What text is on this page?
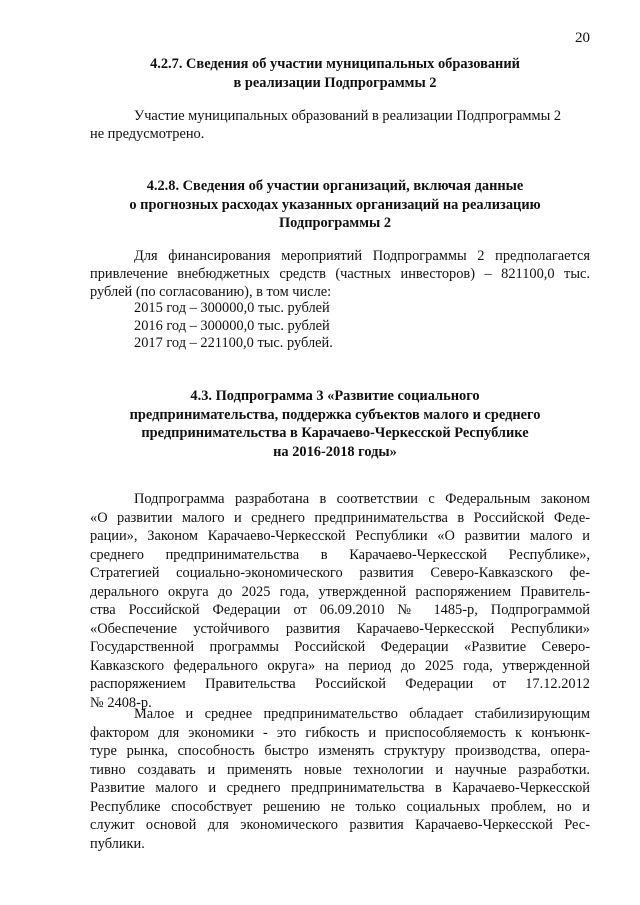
20
4.2.7. Сведения об участии муниципальных образований
в реализации Подпрограммы 2
Участие муниципальных образований в реализации Подпрограммы 2
не предусмотрено.
4.2.8. Сведения об участии организаций, включая данные
о прогнозных расходах указанных организаций на реализацию
Подпрограммы 2
Для финансирования мероприятий Подпрограммы 2 предполагается
привлечение внебюджетных средств (частных инвесторов) – 821100,0 тыс.
рублей (по согласованию), в том числе:
2015 год – 300000,0 тыс. рублей
2016 год – 300000,0 тыс. рублей
2017 год – 221100,0 тыс. рублей.
4.3. Подпрограмма 3 «Развитие социального
предпринимательства, поддержка субъектов малого и среднего
предпринимательства в Карачаево-Черкесской Республике
на 2016-2018 годы»
Подпрограмма разработана в соответствии с Федеральным законом
«О развитии малого и среднего предпринимательства в Российской Феде-
рации», Законом Карачаево-Черкесской Республики «О развитии малого и
среднего предпринимательства в Карачаево-Черкесской Республике»,
Стратегией социально-экономического развития Северо-Кавказского фе-
дерального округа до 2025 года, утвержденной распоряжением Правитель-
ства Российской Федерации от 06.09.2010 № 1485-р, Подпрограммой
«Обеспечение устойчивого развития Карачаево-Черкесской Республики»
Государственной программы Российской Федерации «Развитие Северо-
Кавказского федерального округа» на период до 2025 года, утвержденной
распоряжением Правительства Российской Федерации от 17.12.2012
№ 2408-р.
Малое и среднее предпринимательство обладает стабилизирующим
фактором для экономики - это гибкость и приспособляемость к конъюнк-
туре рынка, способность быстро изменять структуру производства, опера-
тивно создавать и применять новые технологии и научные разработки.
Развитие малого и среднего предпринимательства в Карачаево-Черкесской
Республике способствует решению не только социальных проблем, но и
служит основой для экономического развития Карачаево-Черкесской Рес-
публики.
